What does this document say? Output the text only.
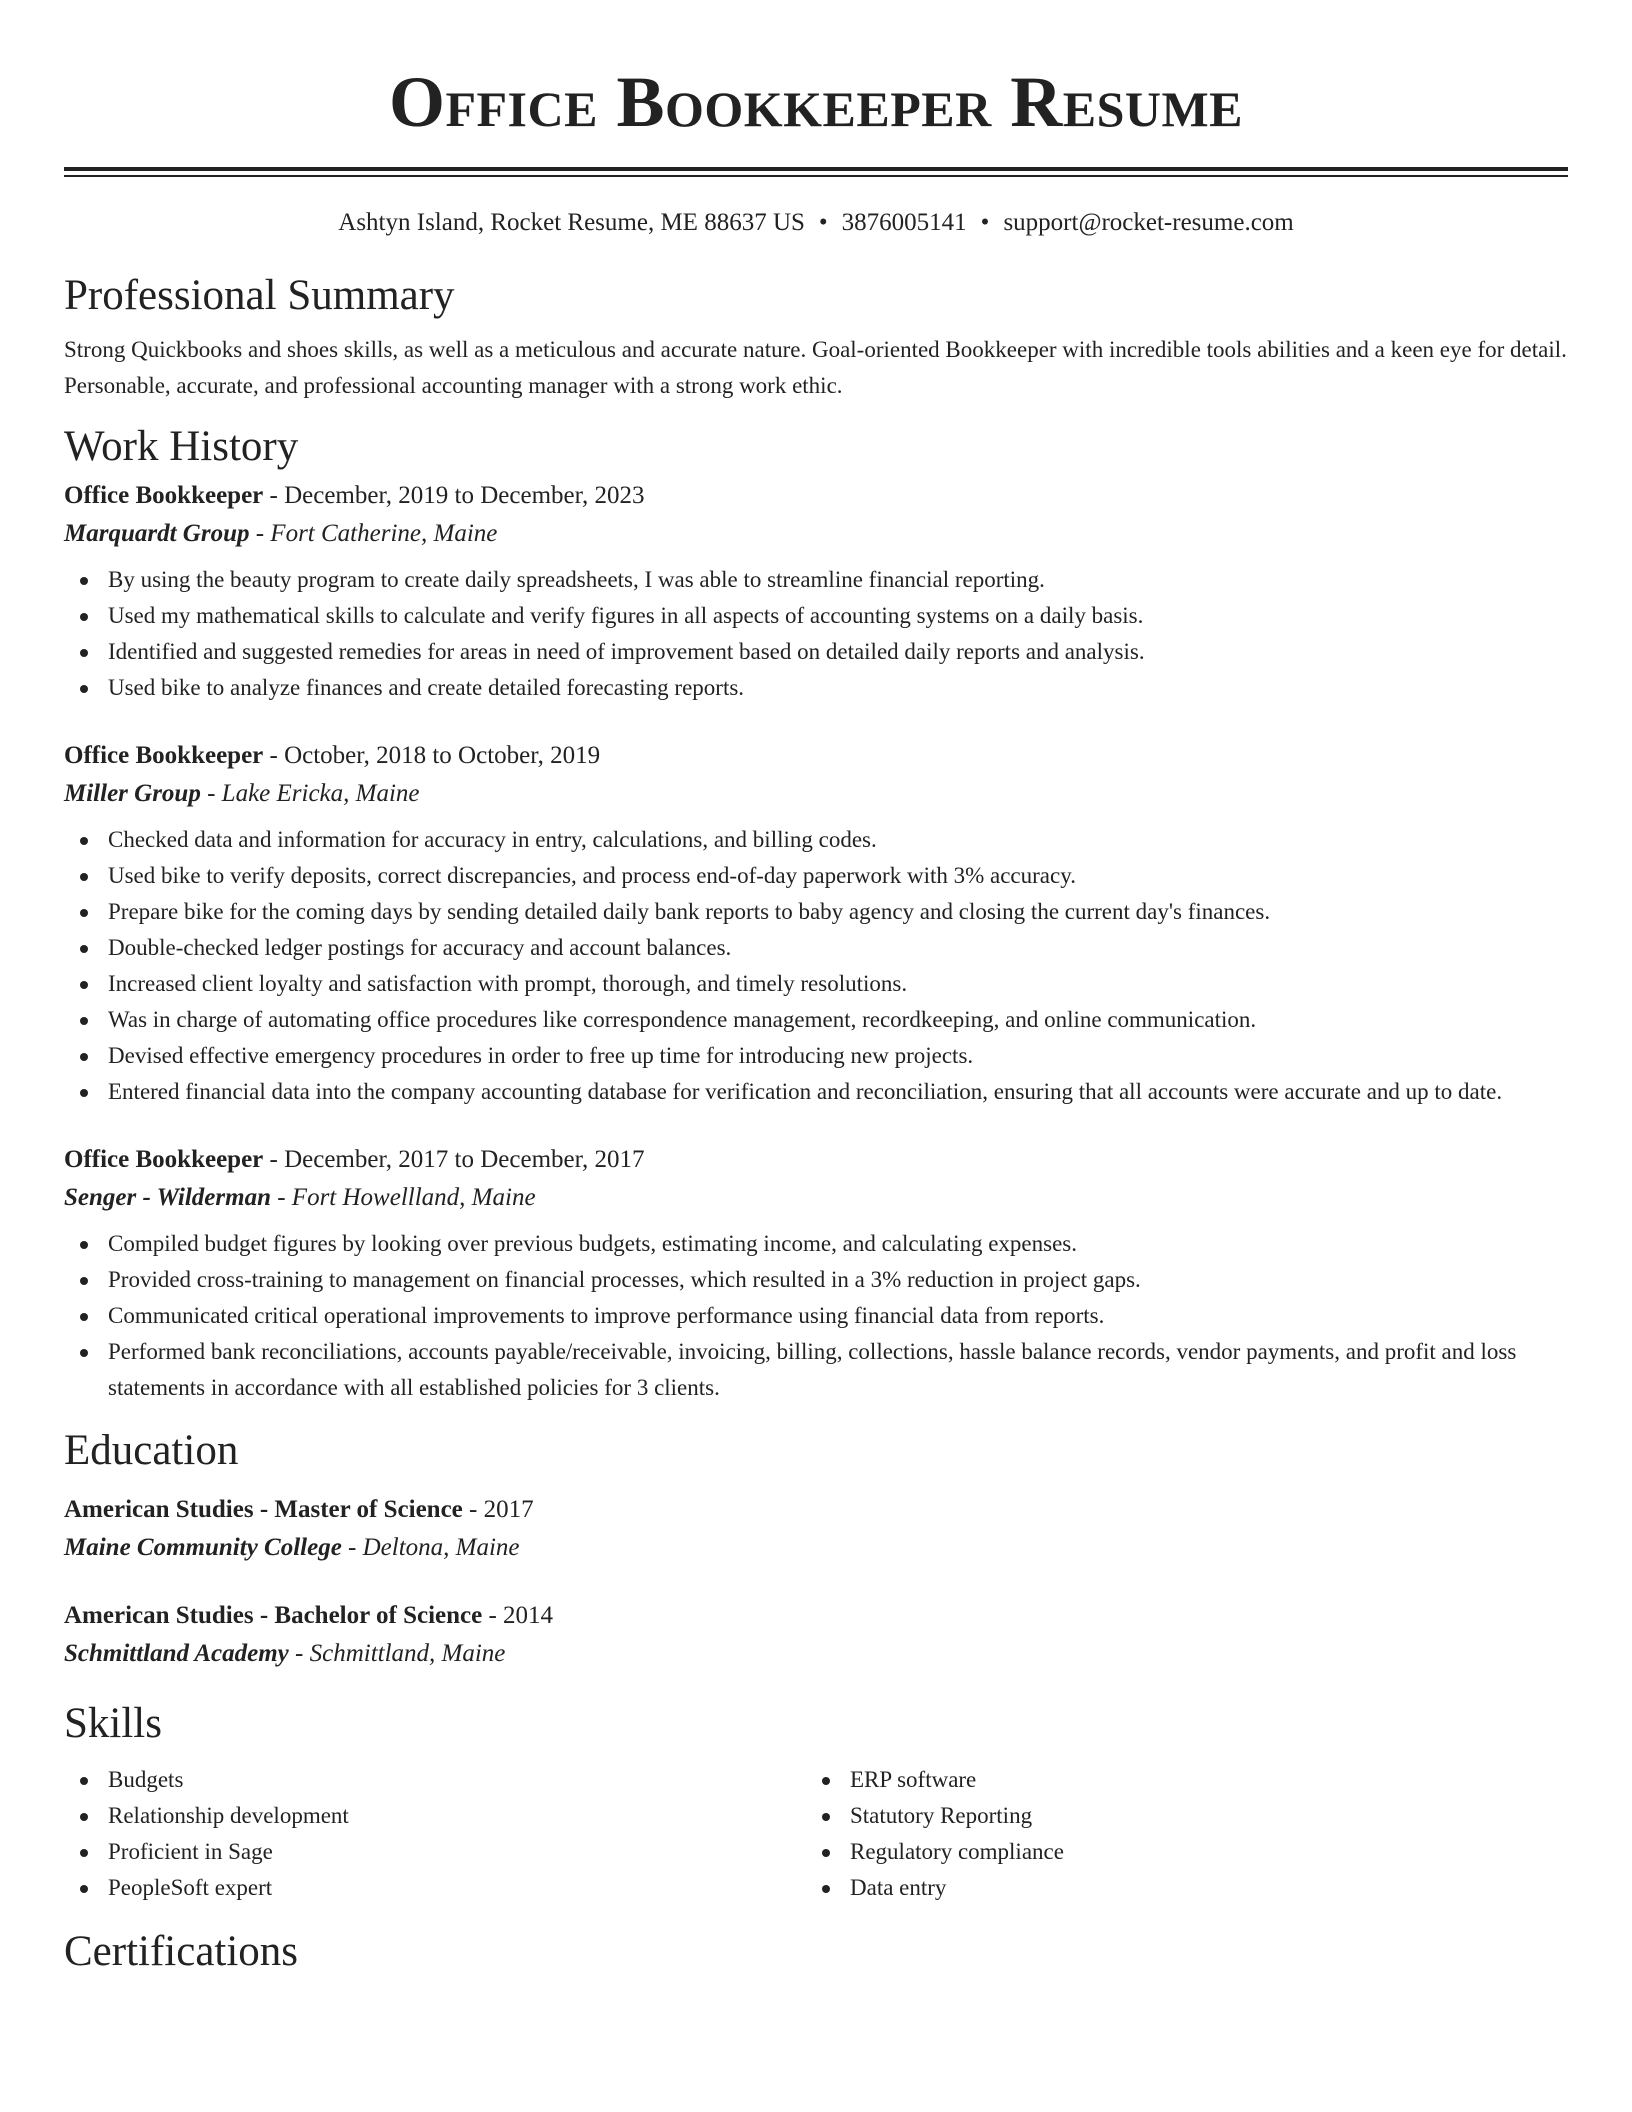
Office Bookkeeper Resume
Ashtyn Island, Rocket Resume, ME 88637 US • 3876005141 • support@rocket-resume.com
Professional Summary

Strong Quickbooks and shoes skills, as well as a meticulous and accurate nature. Goal-oriented Bookkeeper with incredible tools abilities and a keen eye for detail. Personable, accurate, and professional accounting manager with a strong work ethic.

Work History
Office Bookkeeper - December, 2019 to December, 2023
Marquardt Group - Fort Catherine, Maine
By using the beauty program to create daily spreadsheets, I was able to streamline financial reporting.
Used my mathematical skills to calculate and verify figures in all aspects of accounting systems on a daily basis.
Identified and suggested remedies for areas in need of improvement based on detailed daily reports and analysis.
Used bike to analyze finances and create detailed forecasting reports.
Office Bookkeeper - October, 2018 to October, 2019
Miller Group - Lake Ericka, Maine
Checked data and information for accuracy in entry, calculations, and billing codes.
Used bike to verify deposits, correct discrepancies, and process end-of-day paperwork with 3% accuracy.
Prepare bike for the coming days by sending detailed daily bank reports to baby agency and closing the current day's finances.
Double-checked ledger postings for accuracy and account balances.
Increased client loyalty and satisfaction with prompt, thorough, and timely resolutions.
Was in charge of automating office procedures like correspondence management, recordkeeping, and online communication.
Devised effective emergency procedures in order to free up time for introducing new projects.
Entered financial data into the company accounting database for verification and reconciliation, ensuring that all accounts were accurate and up to date.
Office Bookkeeper - December, 2017 to December, 2017
Senger - Wilderman - Fort Howellland, Maine
Compiled budget figures by looking over previous budgets, estimating income, and calculating expenses.
Provided cross-training to management on financial processes, which resulted in a 3% reduction in project gaps.
Communicated critical operational improvements to improve performance using financial data from reports.
Performed bank reconciliations, accounts payable/receivable, invoicing, billing, collections, hassle balance records, vendor payments, and profit and loss statements in accordance with all established policies for 3 clients.
Education
American Studies - Master of Science - 2017
Maine Community College - Deltona, Maine
American Studies - Bachelor of Science - 2014
Schmittland Academy - Schmittland, Maine
Skills
Budgets
Relationship development
Proficient in Sage
PeopleSoft expert
ERP software
Statutory Reporting
Regulatory compliance
Data entry
Certifications
